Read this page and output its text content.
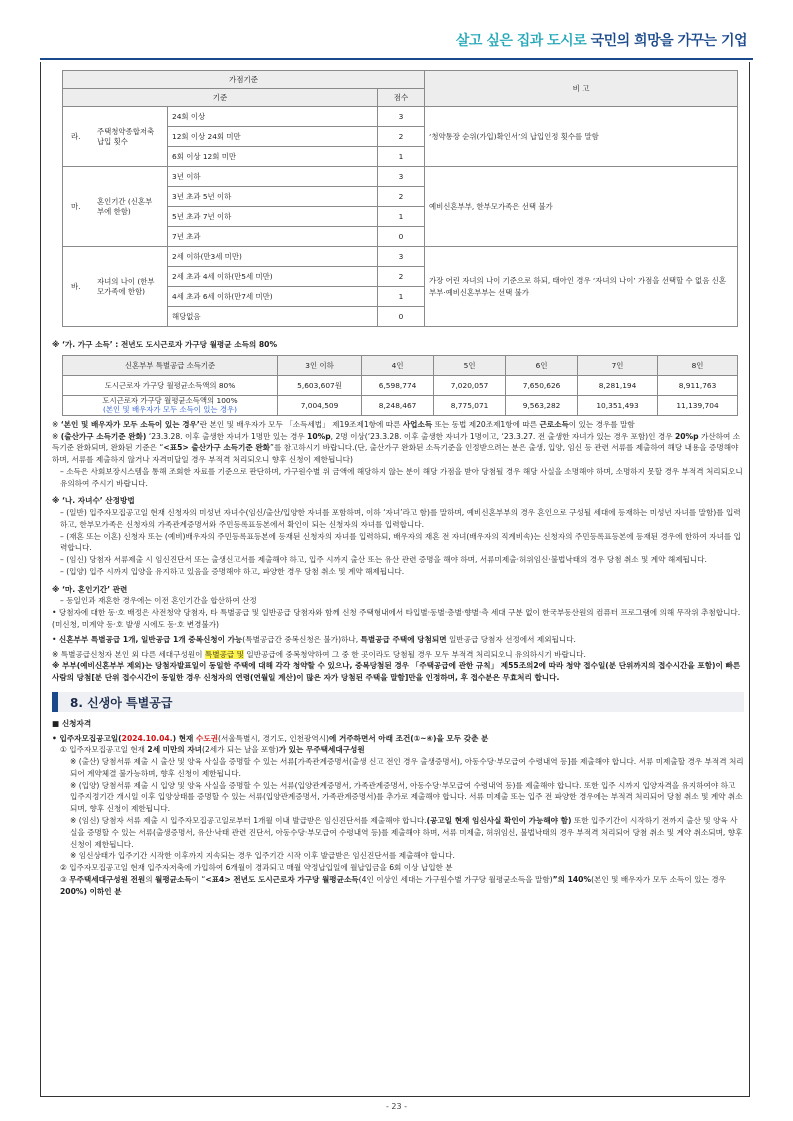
살고 싶은 집과 도시로 국민의 희망을 가꾸는 기업
가점기준	비 고
기준	점수

라.	주택청약종합저축 납입 횟수
	24회 이상	3	‘청약통장 순위(가입)확인서’의 납입인정 횟수를 말함
12회 이상 24회 미만	2
6회 이상 12회 미만	1

마.	혼인기간 (신혼부부에 한함)
	3년 이하	3	예비신혼부부, 한부모가족은 선택 불가
3년 초과 5년 이하	2
5년 초과 7년 이하	1
7년 초과	0

바.	자녀의 나이 (한부모가족에 한함)
	2세 이하(만3세 미만)	3	가장 어린 자녀의 나이 기준으로 하되, 태아인 경우 ‘자녀의 나이’ 가점을 선택할 수 없음 신혼부부·예비신혼부부는 선택 불가
2세 초과 4세 이하(만5세 미만)	2
4세 초과 6세 이하(만7세 미만)	1
해당없음	0

※ ‘가. 가구 소득’ : 전년도 도시근로자 가구당 월평균 소득의 80%

신혼부부 특별공급 소득기준	3인 이하	4인	5인	6인	7인	8인
도시근로자 가구당 월평균소득액의 80%	5,603,607원	6,598,774	7,020,057	7,650,626	8,281,194	8,911,763
도시근로자 가구당 월평균소득액의 100%
(본인 및 배우자가 모두 소득이 있는 경우)	7,004,509	8,248,467	8,775,071	9,563,282	10,351,493	11,139,704

※ ‘본인 및 배우자가 모두 소득이 있는 경우’란 본인 및 배우자가 모두 「소득세법」 제19조제1항에 따른 사업소득 또는 동법 제20조제1항에 따른 근로소득이 있는 경우를 말함

※ (출산가구 소득기준 완화) ‘23.3.28. 이후 출생한 자녀가 1명만 있는 경우 10%p, 2명 이상(‘23.3.28. 이후 출생한 자녀가 1명이고, ‘23.3.27. 전 출생한 자녀가 있는 경우 포함)인 경우 20%p 가산하여 소득기준 완화되며, 완화된 기준은 “<표5> 출산가구 소득기준 완화”를 참고하시기 바랍니다.(단, 출산가구 완화된 소득기준을 인정받으려는 분은 출생, 입양, 임신 등 관련 서류를 제출하여 해당 내용을 증명해야하며, 서류를 제출하지 않거나 자격미달일 경우 부적격 처리되오니 향후 신청이 제한됩니다)

– 소득은 사회보장시스템을 통해 조회한 자료를 기준으로 판단하며, 가구원수별 위 금액에 해당하지 않는 분이 해당 가점을 받아 당첨될 경우 해당 사실을 소명해야 하며, 소명하지 못할 경우 부적격 처리되오니 유의하여 주시기 바랍니다.

※ ‘나. 자녀수’ 산정방법

– (일반) 입주자모집공고일 현재 신청자의 미성년 자녀수(임신/출산/입양한 자녀를 포함하며, 이하 ‘자녀’라고 함)를 말하며, 예비신혼부부의 경우 혼인으로 구성될 세대에 등재하는 미성년 자녀를 말함)를 입력하고, 한부모가족은 신청자의 가족관계증명서와 주민등록표등본에서 확인이 되는 신청자의 자녀를 입력합니다.

– (재혼 또는 이혼) 신청자 또는 (예비)배우자의 주민등록표등본에 등재된 신청자의 자녀를 입력하되, 배우자의 재혼 전 자녀(배우자의 직계비속)는 신청자의 주민등록표등본에 등재된 경우에 한하여 자녀를 입력합니다.

– (임신) 당첨자 서류제출 시 임신진단서 또는 출생신고서를 제출해야 하고, 입주 시까지 출산 또는 유산 관련 증명을 해야 하며, 서류미제출·허위임신·불법낙태의 경우 당첨 취소 및 계약 해제됩니다.

– (입양) 입주 시까지 입양을 유지하고 있음을 증명해야 하고, 파양한 경우 당첨 취소 및 계약 해제됩니다.

※ ‘마. 혼인기간’ 관련

– 동일인과 재혼한 경우에는 이전 혼인기간을 합산하여 산정

• 당첨자에 대한 동·호 배정은 사전청약 당첨자, 타 특별공급 및 일반공급 당첨자와 함께 신청 주택형내에서 타입별·동별·층별·향별·측 세대 구분 없이 한국부동산원의 컴퓨터 프로그램에 의해 무작위 추첨합니다.(미신청, 미계약 동·호 발생 시에도 동·호 변경불가)

• 신혼부부 특별공급 1개, 일반공급 1개 중복신청이 가능(특별공급간 중복신청은 불가)하나, 특별공급 주택에 당첨되면 일반공급 당첨자 선정에서 제외됩니다.

※ 특별공급신청자 본인 외 다른 세대구성원이 특별공급 및 일반공급에 중복청약하여 그 중 한 곳이라도 당첨될 경우 모두 부적격 처리되오니 유의하시기 바랍니다.

※ 부부(예비신혼부부 제외)는 당첨자발표일이 동일한 주택에 대해 각각 청약할 수 있으나, 중복당첨된 경우 「주택공급에 관한 규칙」 제55조의2에 따라 청약 접수일(분 단위까지의 접수시간을 포함)이 빠른 사람의 당첨[분 단위 접수시간이 동일한 경우 신청자의 연령(연월일 계산)이 많은 자가 당첨된 주택을 말함]만을 인정하며, 후 접수분은 무효처리 합니다.

8. 신생아 특별공급

■ 신청자격

• 입주자모집공고일(2024.10.04.) 현재 수도권(서울특별시, 경기도, 인천광역시)에 거주하면서 아래 조건(①~④)을 모두 갖춘 분

① 입주자모집공고일 현재 2세 미만의 자녀(2세가 되는 날을 포함)가 있는 무주택세대구성원

※ (출산) 당첨서류 제출 시 출산 및 양육 사실을 증명할 수 있는 서류[가족관계증명서(출생 신고 전인 경우 출생증명서), 아동수당·부모급여 수령내역 등]를 제출해야 합니다. 서류 미제출할 경우 부적격 처리되어 계약체결 불가능하며, 향후 신청이 제한됩니다.

※ (입양) 당첨서류 제출 시 입양 및 양육 사실을 증명할 수 있는 서류(입양관계증명서, 가족관계증명서, 아동수당·부모급여 수령내역 등)를 제출해야 합니다. 또한 입주 시까지 입양자격을 유지하여야 하고 입주지정기간 개시일 이후 입양상태를 증명할 수 있는 서류(입양관계증명서, 가족관계증명서)를 추가로 제출해야 합니다. 서류 미제출 또는 입주 전 파양한 경우에는 부적격 처리되어 당첨 취소 및 계약 취소되며, 향후 신청이 제한됩니다.

※ (임신) 당첨자 서류 제출 시 입주자모집공고일로부터 1개월 이내 발급받은 임신진단서를 제출해야 합니다.(공고일 현재 임신사실 확인이 가능해야 함) 또한 입주기간이 시작하기 전까지 출산 및 양육 사실을 증명할 수 있는 서류(출생증명서, 유산·낙태 관련 진단서, 아동수당·부모급여 수령내역 등)를 제출해야 하며, 서류 미제출, 허위임신, 불법낙태의 경우 부적격 처리되어 당첨 취소 및 계약 취소되며, 향후 신청이 제한됩니다.

※ 임신상태가 입주기간 시작한 이후까지 지속되는 경우 입주기간 시작 이후 발급받은 임신진단서를 제출해야 합니다.

② 입주자모집공고일 현재 입주자저축에 가입하여 6개월이 경과되고 매월 약정납입일에 월납입금을 6회 이상 납입한 분

③ 무주택세대구성원 전원의 월평균소득이 “<표4> 전년도 도시근로자 가구당 월평균소득(4인 이상인 세대는 가구원수별 가구당 월평균소득을 말함)”의 140%(본인 및 배우자가 모두 소득이 있는 경우 200%) 이하인 분

- 23 -
